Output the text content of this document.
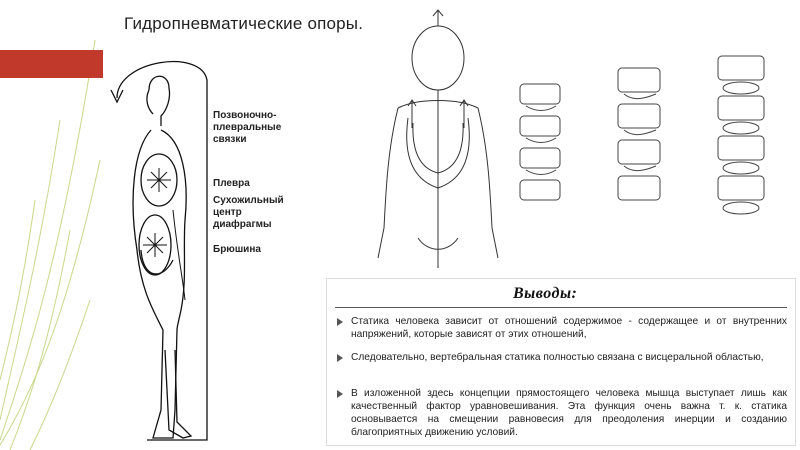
Гидропневматические опоры.
Позвоночно-плевральные связки
Плевра
Сухожильный центр диафрагмы
Брюшина
Выводы:
Статика человека зависит от отношений содержимое - содержащее и от внутренних напряжений, которые зависят от этих отношений,
Следовательно, вертебральная статика полностью связана с висцеральной областью,
В изложенной здесь концепции прямостоящего человека мышца выступает лишь как качественный фактор уравновешивания. Эта функция очень важна т. к. статика основывается на смещении равновесия для преодоления инерции и созданию благоприятных движению условий.
